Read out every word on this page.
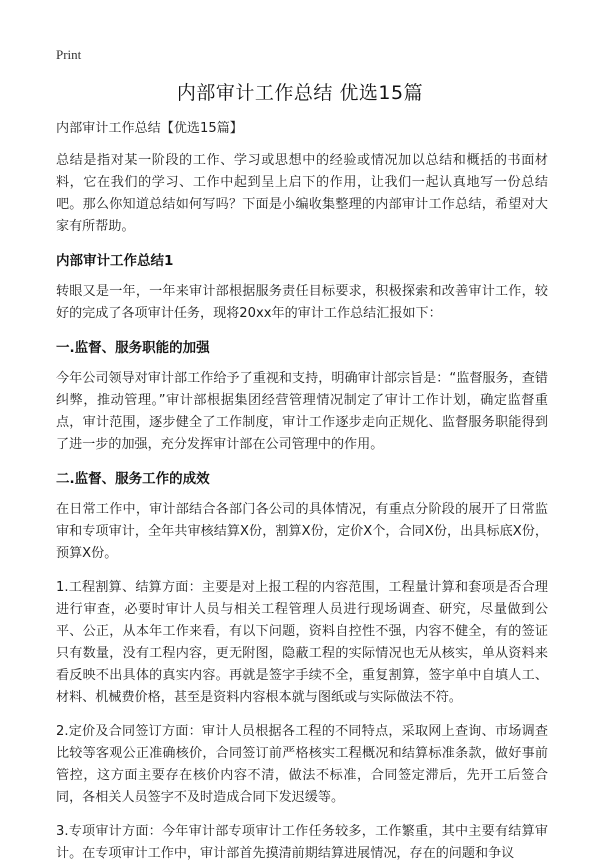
Print
内部审计工作总结 优选15篇

内部审计工作总结【优选15篇】

总结是指对某一阶段的工作、学习或思想中的经验或情况加以总结和概括的书面材料，它在我们的学习、工作中起到呈上启下的作用，让我们一起认真地写一份总结吧。那么你知道总结如何写吗？下面是小编收集整理的内部审计工作总结，希望对大家有所帮助。

内部审计工作总结1

转眼又是一年，一年来审计部根据服务责任目标要求，积极探索和改善审计工作，较好的完成了各项审计任务，现将20xx年的审计工作总结汇报如下：

一.监督、服务职能的加强

今年公司领导对审计部工作给予了重视和支持，明确审计部宗旨是：“监督服务，查错纠弊，推动管理。”审计部根据集团经营管理情况制定了审计工作计划，确定监督重点，审计范围，逐步健全了工作制度，审计工作逐步走向正规化、监督服务职能得到了进一步的加强，充分发挥审计部在公司管理中的作用。

二.监督、服务工作的成效

在日常工作中，审计部结合各部门各公司的具体情况，有重点分阶段的展开了日常监审和专项审计，全年共审核结算X份，割算X份，定价X个，合同X份，出具标底X份，预算X份。

1.工程割算、结算方面：主要是对上报工程的内容范围，工程量计算和套项是否合理进行审查，必要时审计人员与相关工程管理人员进行现场调查、研究，尽量做到公平、公正，从本年工作来看，有以下问题，资料自控性不强，内容不健全，有的签证只有数量，没有工程内容，更无附图，隐蔽工程的实际情况也无从核实，单从资料来看反映不出具体的真实内容。再就是签字手续不全，重复割算，签字单中自填人工、材料、机械费价格，甚至是资料内容根本就与图纸或与实际做法不符。

2.定价及合同签订方面：审计人员根据各工程的不同特点，采取网上查询、市场调查比较等客观公正准确核价，合同签订前严格核实工程概况和结算标准条款，做好事前管控，这方面主要存在核价内容不清，做法不标准，合同签定滞后，先开工后签合同，各相关人员签字不及时造成合同下发迟缓等。

3.专项审计方面：今年审计部专项审计工作任务较多，工作繁重，其中主要有结算审计。在专项审计工作中，审计部首先摸清前期结算进展情况，存在的问题和争议
